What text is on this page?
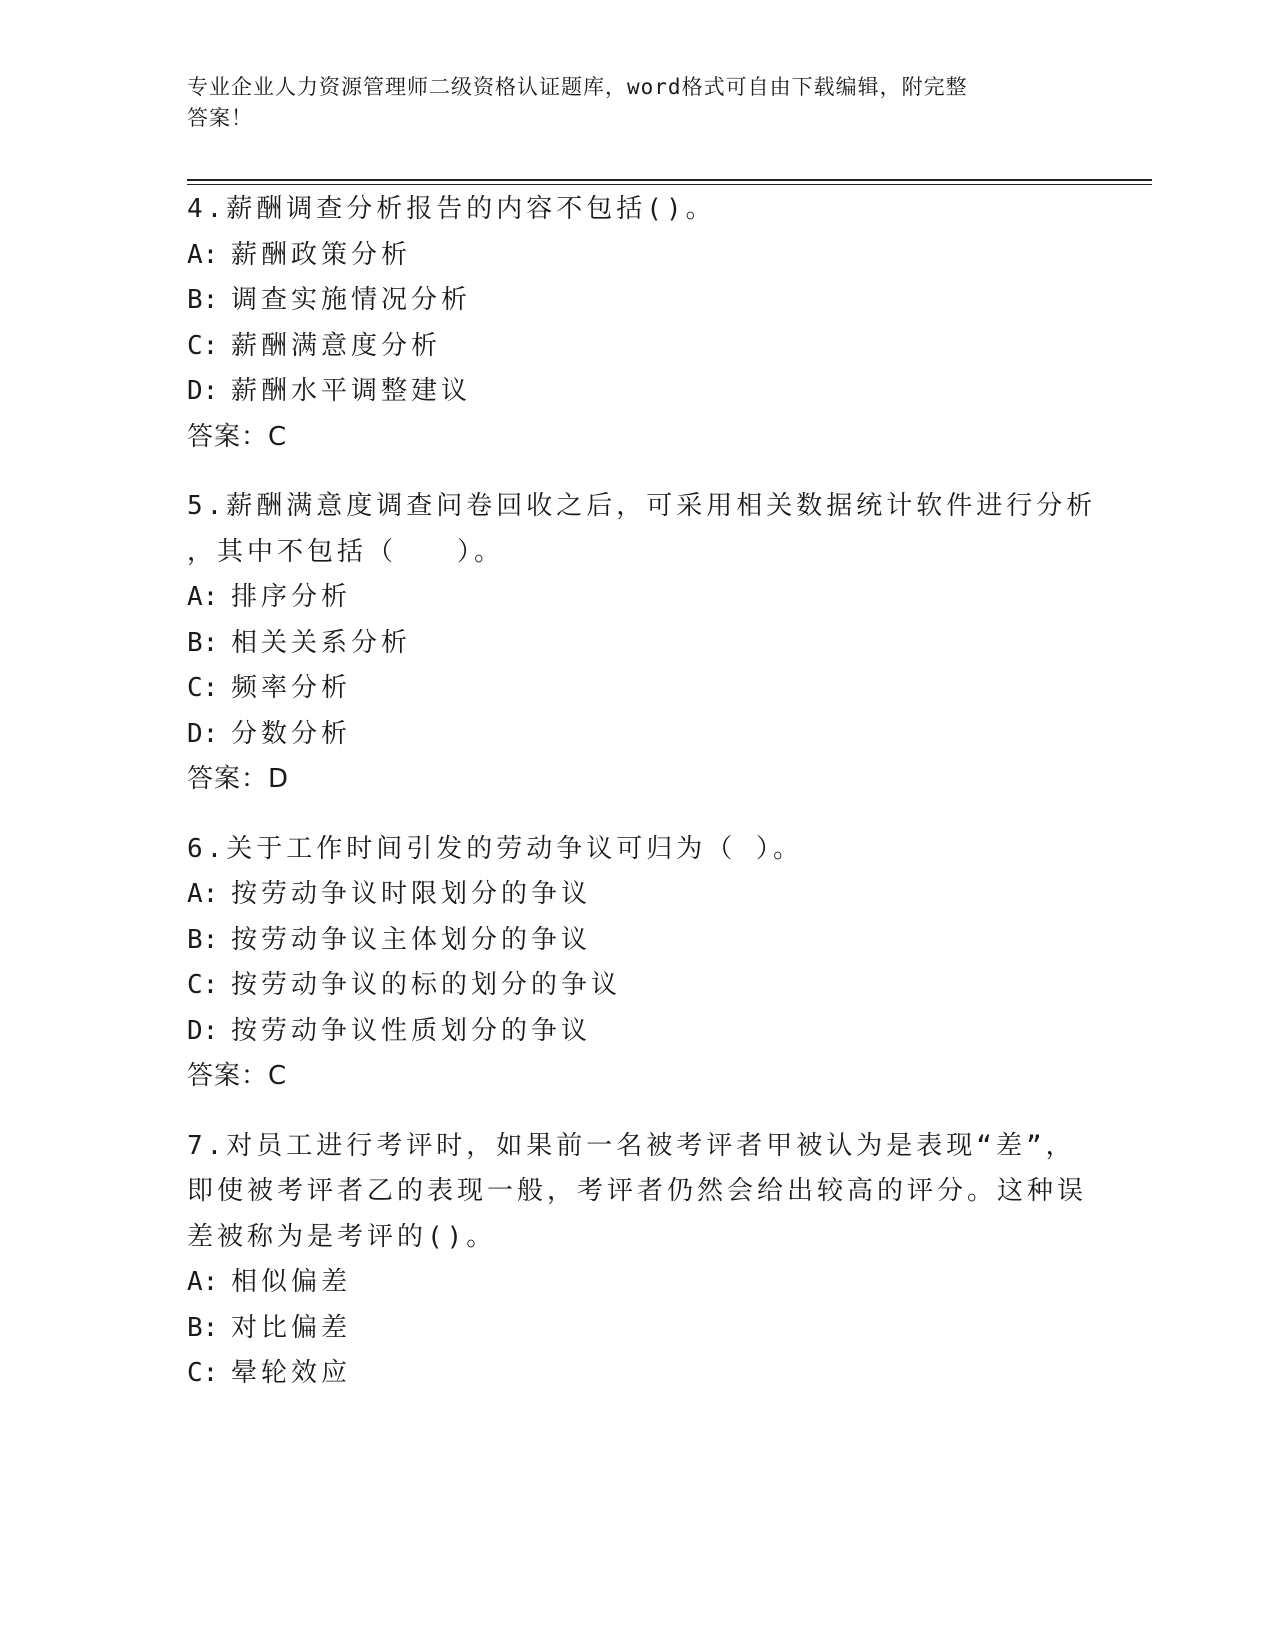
专业企业人力资源管理师二级资格认证题库，word格式可自由下载编辑，附完整
答案！
4.薪酬调查分析报告的内容不包括()。
A: 薪酬政策分析
B: 调查实施情况分析
C: 薪酬满意度分析
D: 薪酬水平调整建议
答案：C
5.薪酬满意度调查问卷回收之后，可采用相关数据统计软件进行分析
，其中不包括（　　）。
A: 排序分析
B: 相关关系分析
C: 频率分析
D: 分数分析
答案：D
6.关于工作时间引发的劳动争议可归为（ ）。
A: 按劳动争议时限划分的争议
B: 按劳动争议主体划分的争议
C: 按劳动争议的标的划分的争议
D: 按劳动争议性质划分的争议
答案：C
7.对员工进行考评时，如果前一名被考评者甲被认为是表现“差”，
即使被考评者乙的表现一般，考评者仍然会给出较高的评分。这种误
差被称为是考评的()。
A: 相似偏差
B: 对比偏差
C: 晕轮效应
